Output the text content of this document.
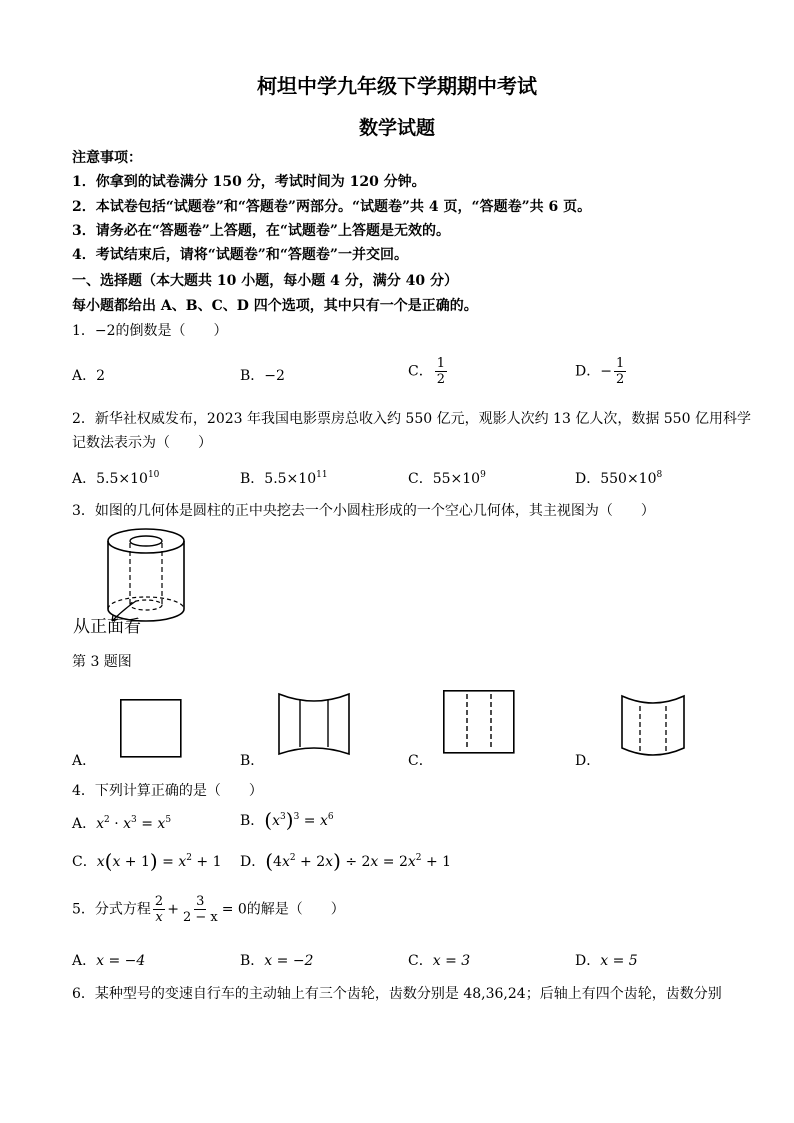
柯坦中学九年级下学期期中考试
数学试题
注意事项：
1．你拿到的试卷满分 150 分，考试时间为 120 分钟。
2．本试卷包括“试题卷”和“答题卷”两部分。“试题卷”共 4 页，“答题卷”共 6 页。
3．请务必在“答题卷”上答题，在“试题卷”上答题是无效的。
4．考试结束后，请将“试题卷”和“答题卷”一并交回。
一、选择题（本大题共 10 小题，每小题 4 分，满分 40 分）
每小题都给出 A、B、C、D 四个选项，其中只有一个是正确的。
1．−2的倒数是（　　）
A．2	B．−2	C． $\frac{1}{2}$	D．− $\frac{1}{2}$
2．新华社权威发布，2023 年我国电影票房总收入约 550 亿元，观影人次约 13 亿人次，数据 550 亿用科学
记数法表示为（　　）
A．$5.5\times 10^{10}$	B．$5.5\times 10^{11}$	C．$55\times 10^9$	D．$550\times 10^8$
3．如图的几何体是圆柱的正中央挖去一个小圆柱形成的一个空心几何体，其主视图为（　　）
从正面看
第 3 题图
A．	B．	C．	D．
4．下列计算正确的是（　　）
A．$x^2 \cdot x^3 = x^5$	B．$(x^3)^3 = x^6$
C．$x(x + 1) = x^2 + 1$ D．$(4x^2 + 2x) \div 2x = 2x^2 + 1$
5．分式方程 $\frac{2}{x} + \frac{3}{2 - x} = 0$的解是（　　）
A．x = −4	B．x = −2	C．x = 3	D．x = 5
6．某种型号的变速自行车的主动轴上有三个齿轮，齿数分别是 48,36,24；后轴上有四个齿轮，齿数分别
